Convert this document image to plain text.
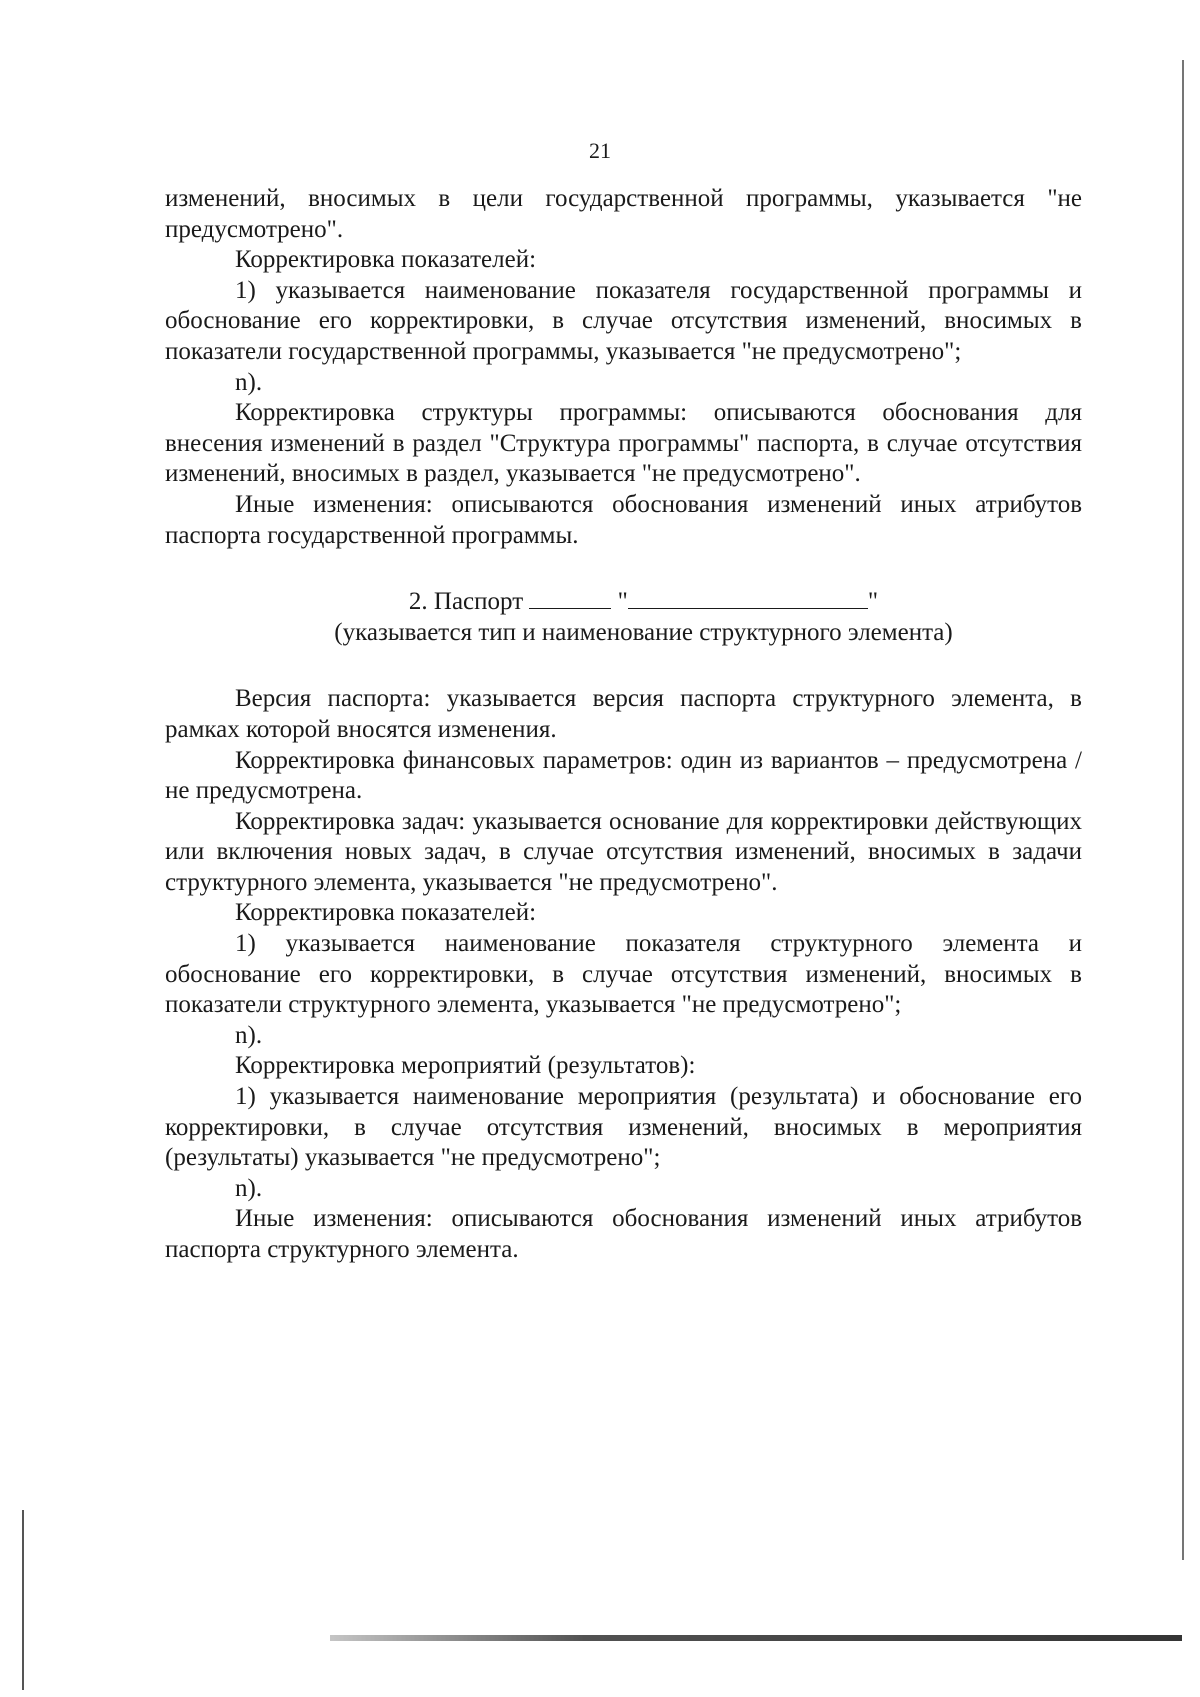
21

изменений, вносимых в цели государственной программы, указывается "не предусмотрено".

Корректировка показателей:

1) указывается наименование показателя государственной программы и обоснование его корректировки, в случае отсутствия изменений, вносимых в показатели государственной программы, указывается "не предусмотрено";

n).

Корректировка структуры программы: описываются обоснования для внесения изменений в раздел "Структура программы" паспорта, в случае отсутствия изменений, вносимых в раздел, указывается "не предусмотрено".

Иные изменения: описываются обоснования изменений иных атрибутов паспорта государственной программы.

2. Паспорт	"	"

(указывается тип и наименование структурного элемента)

Версия паспорта: указывается версия паспорта структурного элемента, в рамках которой вносятся изменения.

Корректировка финансовых параметров: один из вариантов – предусмотрена / не предусмотрена.

Корректировка задач: указывается основание для корректировки действующих или включения новых задач, в случае отсутствия изменений, вносимых в задачи структурного элемента, указывается "не предусмотрено".

Корректировка показателей:

1) указывается наименование показателя структурного элемента и обоснование его корректировки, в случае отсутствия изменений, вносимых в показатели структурного элемента, указывается "не предусмотрено";

n).

Корректировка мероприятий (результатов):

1) указывается наименование мероприятия (результата) и обоснование его корректировки, в случае отсутствия изменений, вносимых в мероприятия (результаты) указывается "не предусмотрено";

n).

Иные изменения: описываются обоснования изменений иных атрибутов паспорта структурного элемента.
